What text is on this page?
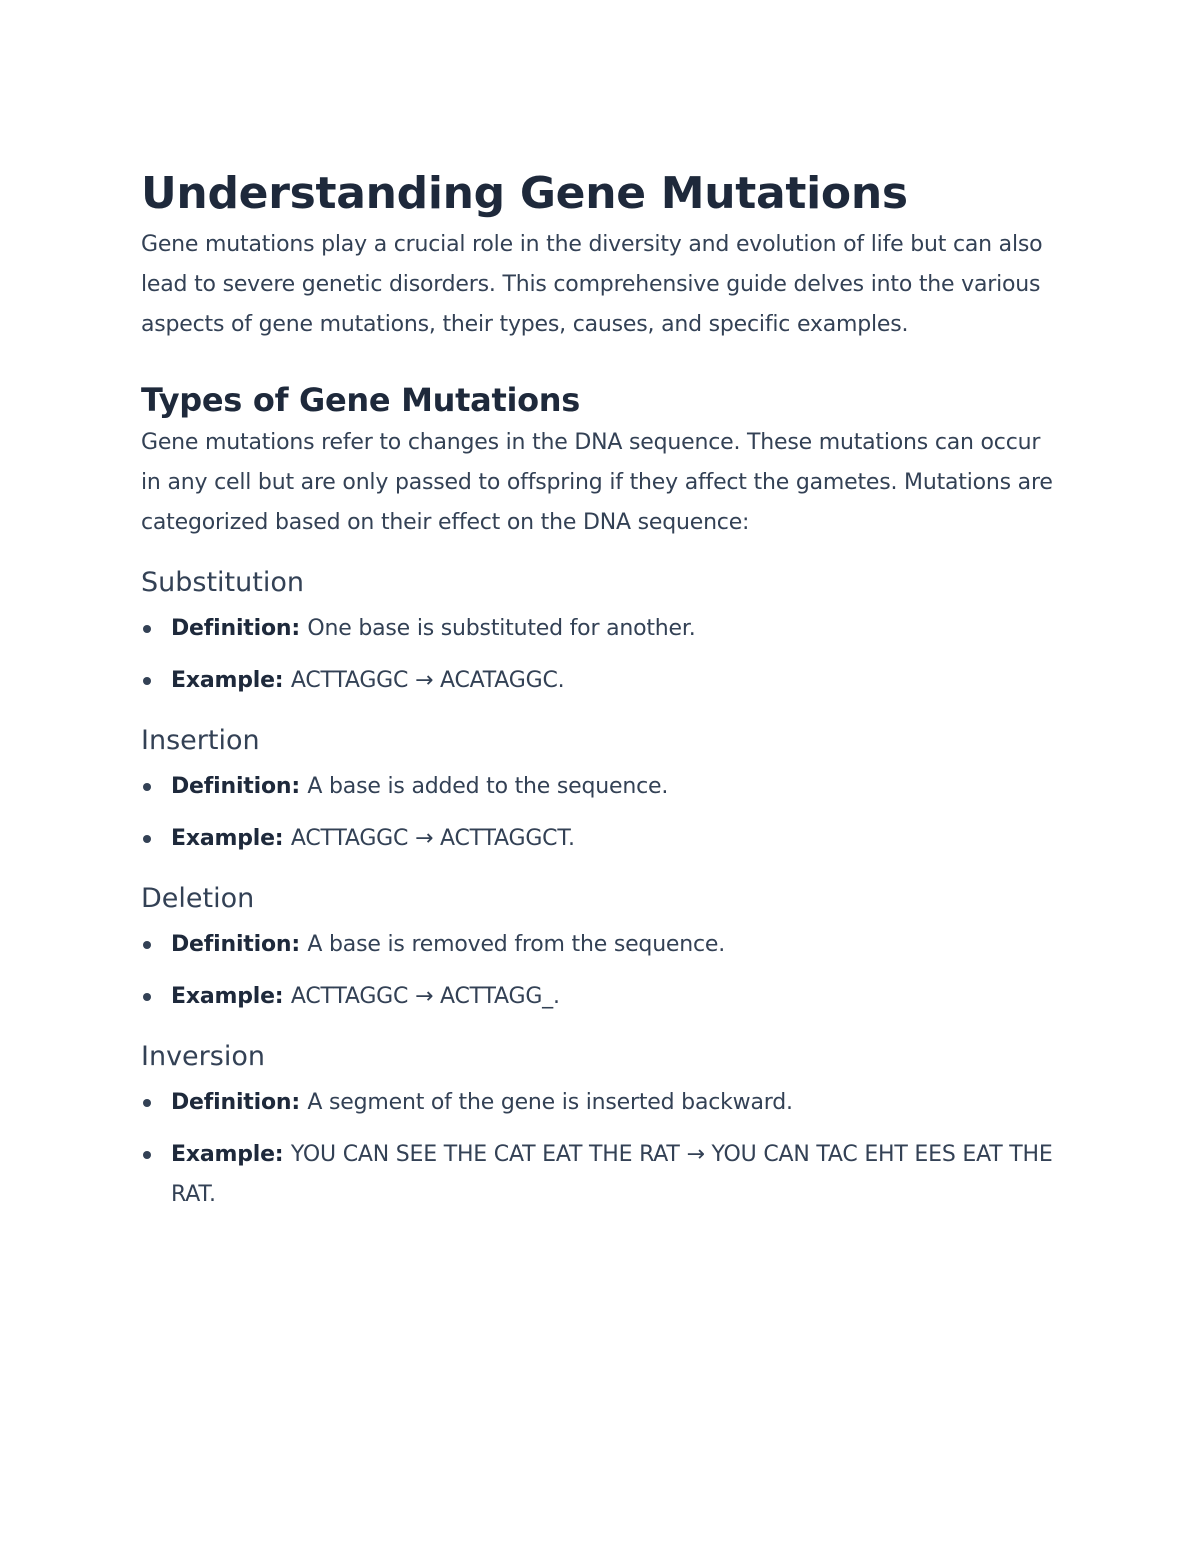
Understanding Gene Mutations

Gene mutations play a crucial role in the diversity and evolution of life but can also lead to severe genetic disorders. This comprehensive guide delves into the various aspects of gene mutations, their types, causes, and specific examples.

Types of Gene Mutations

Gene mutations refer to changes in the DNA sequence. These mutations can occur in any cell but are only passed to offspring if they affect the gametes. Mutations are categorized based on their effect on the DNA sequence:

Substitution
Definition: One base is substituted for another.
Example: ACTTAGGC → ACATAGGC.
Insertion
Definition: A base is added to the sequence.
Example: ACTTAGGC → ACTTAGGCT.
Deletion
Definition: A base is removed from the sequence.
Example: ACTTAGGC → ACTTAGG_.
Inversion
Definition: A segment of the gene is inserted backward.
Example: YOU CAN SEE THE CAT EAT THE RAT → YOU CAN TAC EHT EES EAT THE RAT.
